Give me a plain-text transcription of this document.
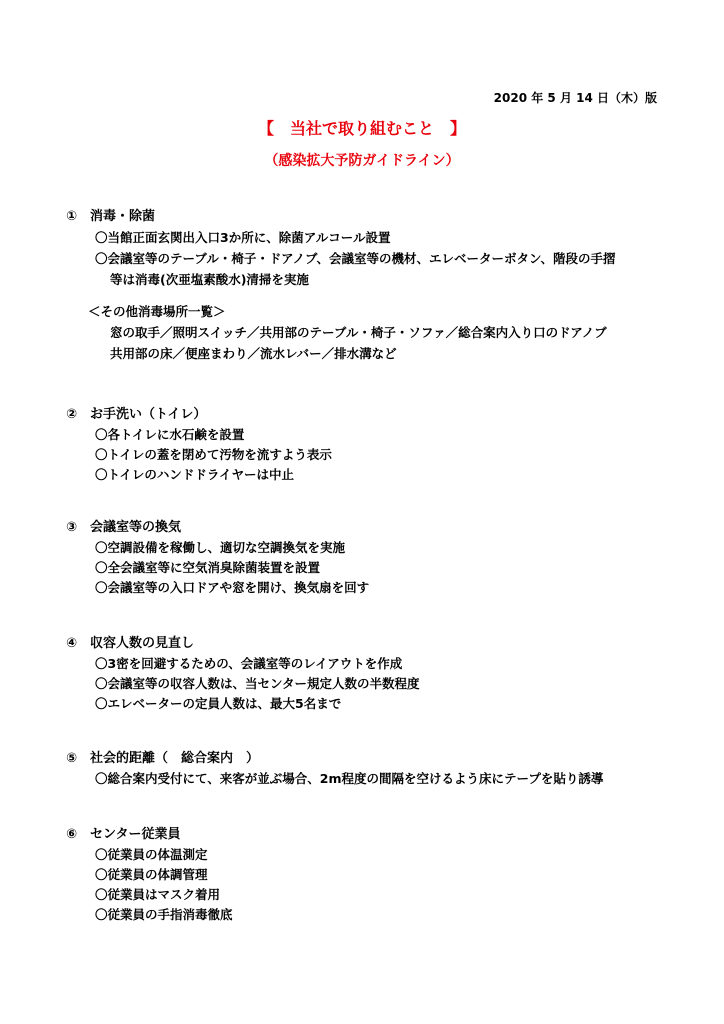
2020 年 5 月 14 日（木）版
【　当社で取り組むこと　】
（感染拡大予防ガイドライン）
①　消毒・除菌
〇当館正面玄関出入口3か所に、除菌アルコール設置
〇会議室等のテーブル・椅子・ドアノブ、会議室等の機材、エレベーターボタン、階段の手摺
等は消毒(次亜塩素酸水)清掃を実施
＜その他消毒場所一覧＞
窓の取手／照明スイッチ／共用部のテーブル・椅子・ソファ／総合案内入り口のドアノブ
共用部の床／便座まわり／流水レバー／排水溝など
②　お手洗い（トイレ）
〇各トイレに水石鹸を設置
〇トイレの蓋を閉めて汚物を流すよう表示
〇トイレのハンドドライヤーは中止
③　会議室等の換気
〇空調設備を稼働し、適切な空調換気を実施
〇全会議室等に空気消臭除菌装置を設置
〇会議室等の入口ドアや窓を開け、換気扇を回す
④　収容人数の見直し
〇3密を回避するための、会議室等のレイアウトを作成
〇会議室等の収容人数は、当センター規定人数の半数程度
〇エレベーターの定員人数は、最大5名まで
⑤　社会的距離（　総合案内　）
〇総合案内受付にて、来客が並ぶ場合、2m程度の間隔を空けるよう床にテープを貼り誘導
⑥　センター従業員
〇従業員の体温測定
〇従業員の体調管理
〇従業員はマスク着用
〇従業員の手指消毒徹底
